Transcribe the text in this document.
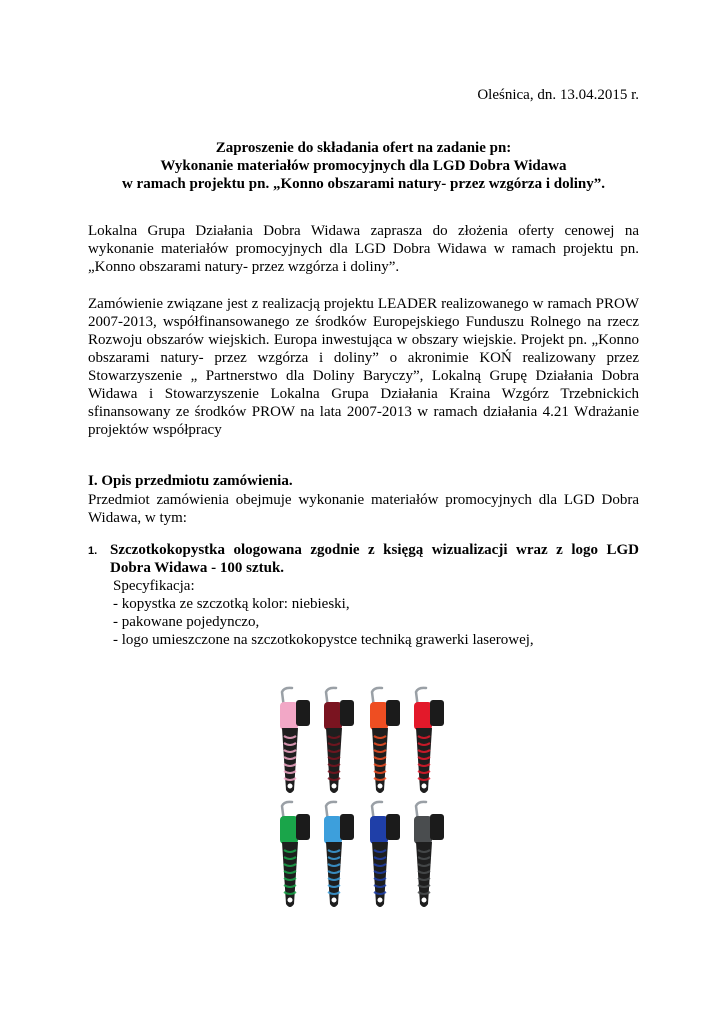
Oleśnica, dn. 13.04.2015 r.
Zaproszenie do składania ofert na zadanie pn:
Wykonanie materiałów promocyjnych dla LGD Dobra Widawa
w ramach projektu pn. „Konno obszarami natury- przez wzgórza i doliny”.
Lokalna Grupa Działania Dobra Widawa zaprasza do złożenia oferty cenowej na wykonanie materiałów promocyjnych dla LGD Dobra Widawa w ramach projektu pn. „Konno obszarami natury- przez wzgórza i doliny”.
Zamówienie związane jest z realizacją projektu LEADER realizowanego w ramach PROW 2007-2013, współfinansowanego ze środków Europejskiego Funduszu Rolnego na rzecz Rozwoju obszarów wiejskich. Europa inwestująca w obszary wiejskie. Projekt pn. „Konno obszarami natury- przez wzgórza i doliny” o akronimie KOŃ realizowany przez Stowarzyszenie „ Partnerstwo dla Doliny Baryczy”, Lokalną Grupę Działania Dobra Widawa i Stowarzyszenie Lokalna Grupa Działania Kraina Wzgórz Trzebnickich sfinansowany ze środków PROW na lata 2007-2013 w ramach działania 4.21 Wdrażanie projektów współpracy
I. Opis przedmiotu zamówienia.
Przedmiot zamówienia obejmuje wykonanie materiałów promocyjnych dla LGD Dobra Widawa, w tym:
1. Szczotkokopystka ologowana zgodnie z księgą wizualizacji wraz z logo LGD Dobra Widawa - 100 sztuk.
Specyfikacja:
- kopystka ze szczotką kolor: niebieski,
- pakowane pojedynczo,
- logo umieszczone na szczotkokopystce techniką grawerki laserowej,
